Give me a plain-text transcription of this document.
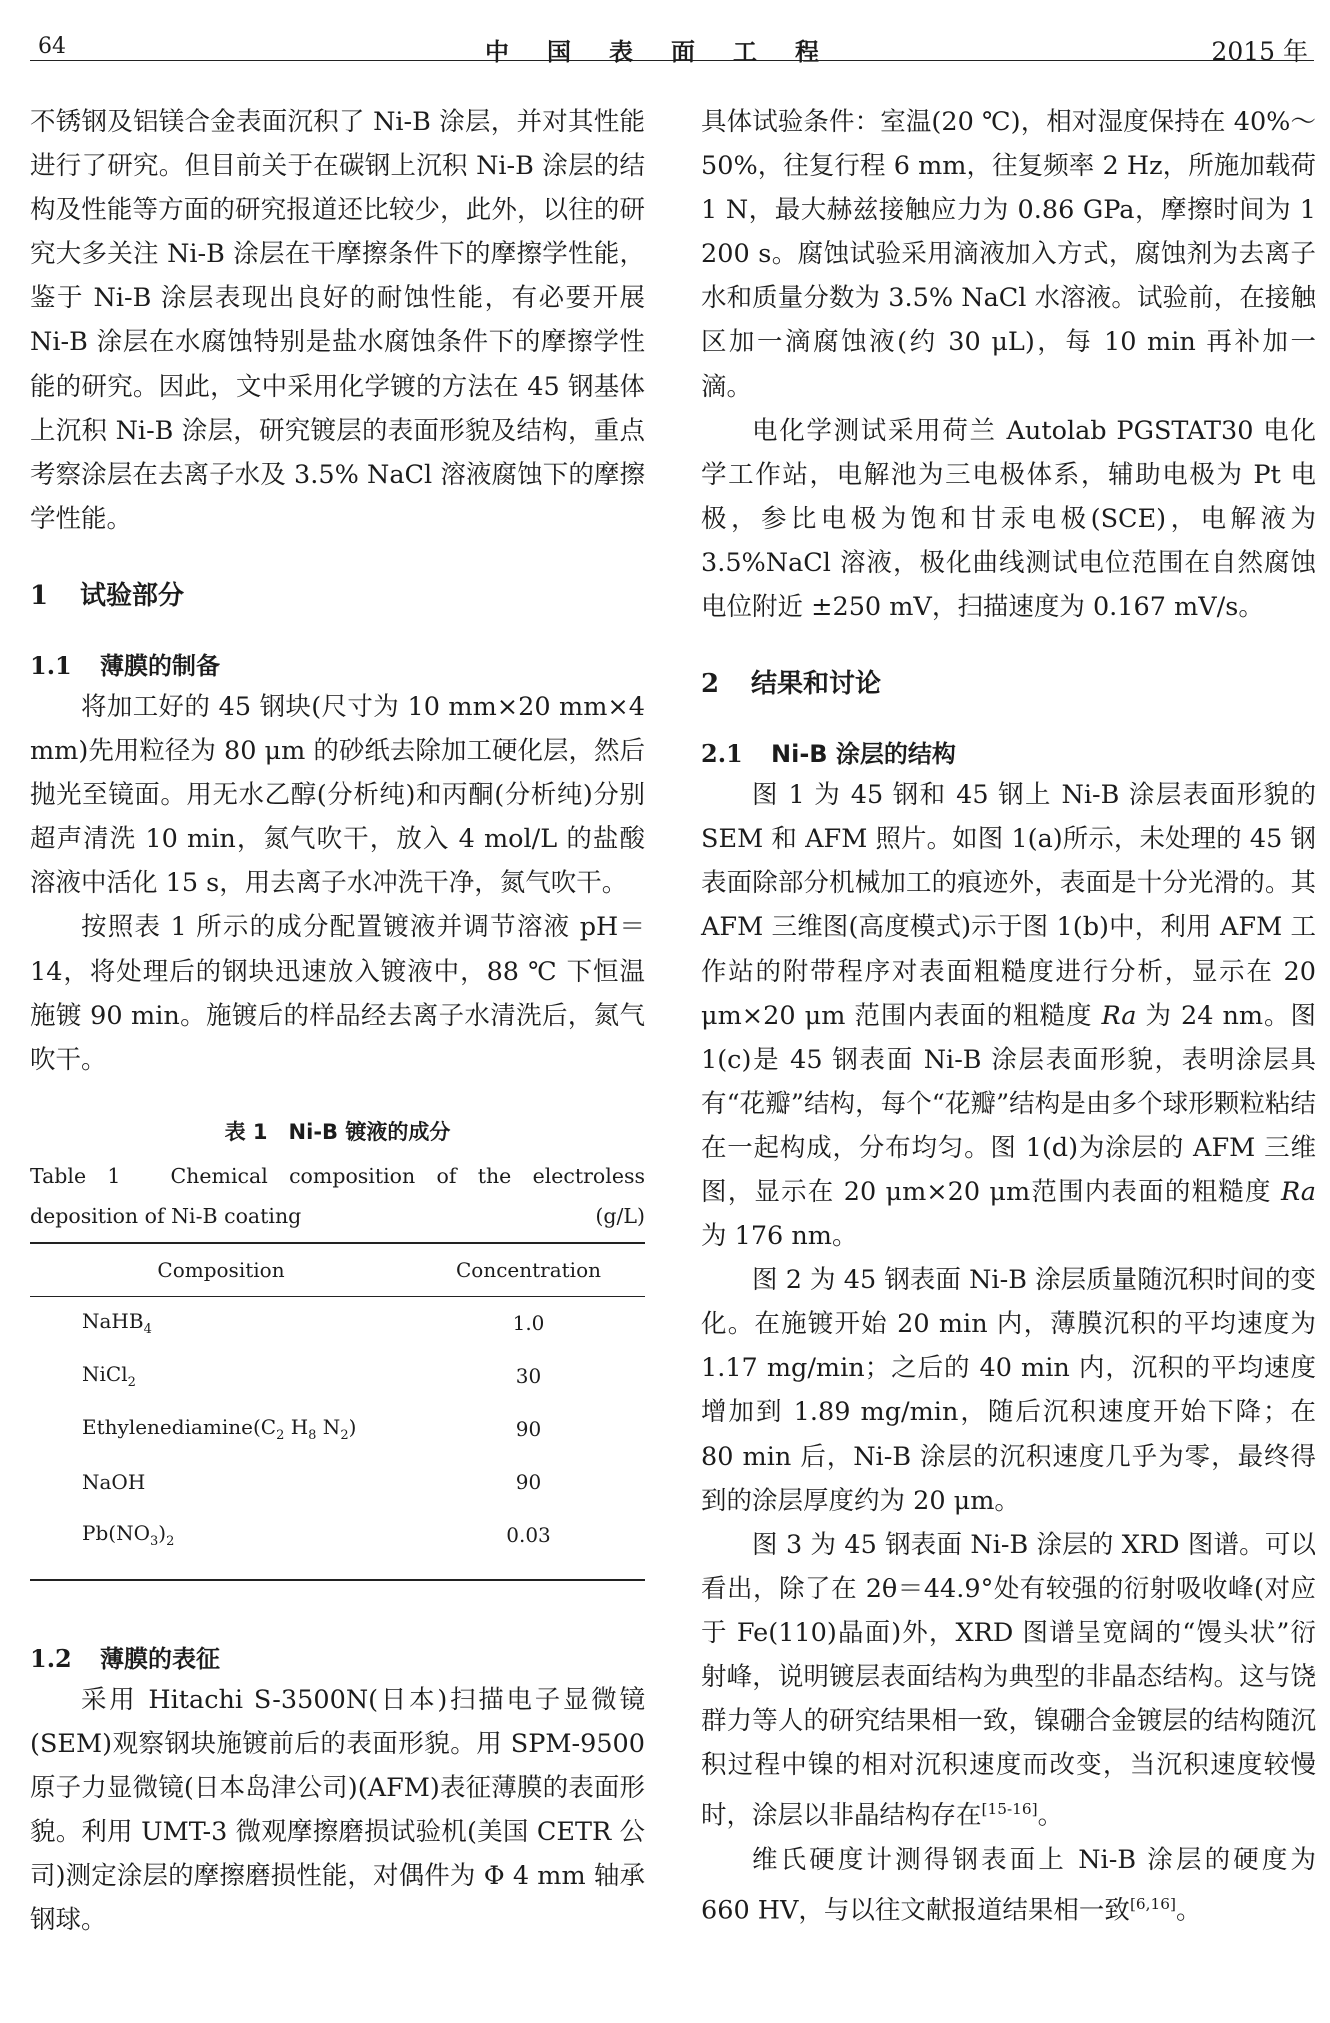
64	中国表面工程	2015 年

不锈钢及铝镁合金表面沉积了 Ni-B 涂层，并对其性能进行了研究。但目前关于在碳钢上沉积 Ni-B 涂层的结构及性能等方面的研究报道还比较少，此外，以往的研究大多关注 Ni-B 涂层在干摩擦条件下的摩擦学性能，鉴于 Ni-B 涂层表现出良好的耐蚀性能，有必要开展 Ni-B 涂层在水腐蚀特别是盐水腐蚀条件下的摩擦学性能的研究。因此，文中采用化学镀的方法在 45 钢基体上沉积 Ni-B 涂层，研究镀层的表面形貌及结构，重点考察涂层在去离子水及 3.5% NaCl 溶液腐蚀下的摩擦学性能。

1 试验部分
1.1 薄膜的制备

将加工好的 45 钢块(尺寸为 10 mm×20 mm×4 mm)先用粒径为 80 μm 的砂纸去除加工硬化层，然后抛光至镜面。用无水乙醇(分析纯)和丙酮(分析纯)分别超声清洗 10 min，氮气吹干，放入 4 mol/L 的盐酸溶液中活化 15 s，用去离子水冲洗干净，氮气吹干。

按照表 1 所示的成分配置镀液并调节溶液 pH＝14，将处理后的钢块迅速放入镀液中，88 ℃ 下恒温施镀 90 min。施镀后的样品经去离子水清洗后，氮气吹干。

表 1　Ni-B 镀液的成分
Table 1　Chemical composition of the electroless deposition of Ni-B coating	(g/L)
Composition	Concentration
NaHB$_4$	1.0
NiCl$_2$	30
$Ethylenediamine(C_2$ $H_8$ $N_2$)	90
NaOH	90
$Pb(NO_3)_2$	0.03
1.2 薄膜的表征

采用 Hitachi S-3500N(日本)扫描电子显微镜(SEM)观察钢块施镀前后的表面形貌。用 SPM-9500 原子力显微镜(日本岛津公司)(AFM)表征薄膜的表面形貌。利用 UMT-3 微观摩擦磨损试验机(美国 CETR 公司)测定涂层的摩擦磨损性能，对偶件为 Φ 4 mm 轴承钢球。

具体试验条件：室温(20 ℃)，相对湿度保持在 40%～50%，往复行程 6 mm，往复频率 2 Hz，所施加载荷 1 N，最大赫兹接触应力为 0.86 GPa，摩擦时间为 1 200 s。腐蚀试验采用滴液加入方式，腐蚀剂为去离子水和质量分数为 3.5% NaCl 水溶液。试验前，在接触区加一滴腐蚀液(约 30 μL)，每 10 min 再补加一滴。

电化学测试采用荷兰 Autolab PGSTAT30 电化学工作站，电解池为三电极体系，辅助电极为 Pt 电极，参比电极为饱和甘汞电极(SCE)，电解液为 3.5%NaCl 溶液，极化曲线测试电位范围在自然腐蚀电位附近 ±250 mV，扫描速度为 0.167 mV/s。

2 结果和讨论
2.1 Ni-B 涂层的结构

图 1 为 45 钢和 45 钢上 Ni-B 涂层表面形貌的 SEM 和 AFM 照片。如图 1(a)所示，未处理的 45 钢表面除部分机械加工的痕迹外，表面是十分光滑的。其 AFM 三维图(高度模式)示于图 1(b)中，利用 AFM 工作站的附带程序对表面粗糙度进行分析，显示在 20 μm×20 μm 范围内表面的粗糙度 Ra 为 24 nm。图 1(c)是 45 钢表面 Ni-B 涂层表面形貌，表明涂层具有“花瓣”结构，每个“花瓣”结构是由多个球形颗粒粘结在一起构成，分布均匀。图 1(d)为涂层的 AFM 三维图，显示在 20 μm×20 μm范围内表面的粗糙度 Ra 为 176 nm。

图 2 为 45 钢表面 Ni-B 涂层质量随沉积时间的变化。在施镀开始 20 min 内，薄膜沉积的平均速度为 1.17 mg/min；之后的 40 min 内，沉积的平均速度增加到 1.89 mg/min，随后沉积速度开始下降；在 80 min 后，Ni-B 涂层的沉积速度几乎为零，最终得到的涂层厚度约为 20 μm。

图 3 为 45 钢表面 Ni-B 涂层的 XRD 图谱。可以看出，除了在 2θ＝44.9°处有较强的衍射吸收峰(对应于 Fe(110)晶面)外，XRD 图谱呈宽阔的“馒头状”衍射峰，说明镀层表面结构为典型的非晶态结构。这与饶群力等人的研究结果相一致，镍硼合金镀层的结构随沉积过程中镍的相对沉积速度而改变，当沉积速度较慢时，涂层以非晶结构存在[15-16]。

维氏硬度计测得钢表面上 Ni-B 涂层的硬度为 660 HV，与以往文献报道结果相一致[6,16]。
